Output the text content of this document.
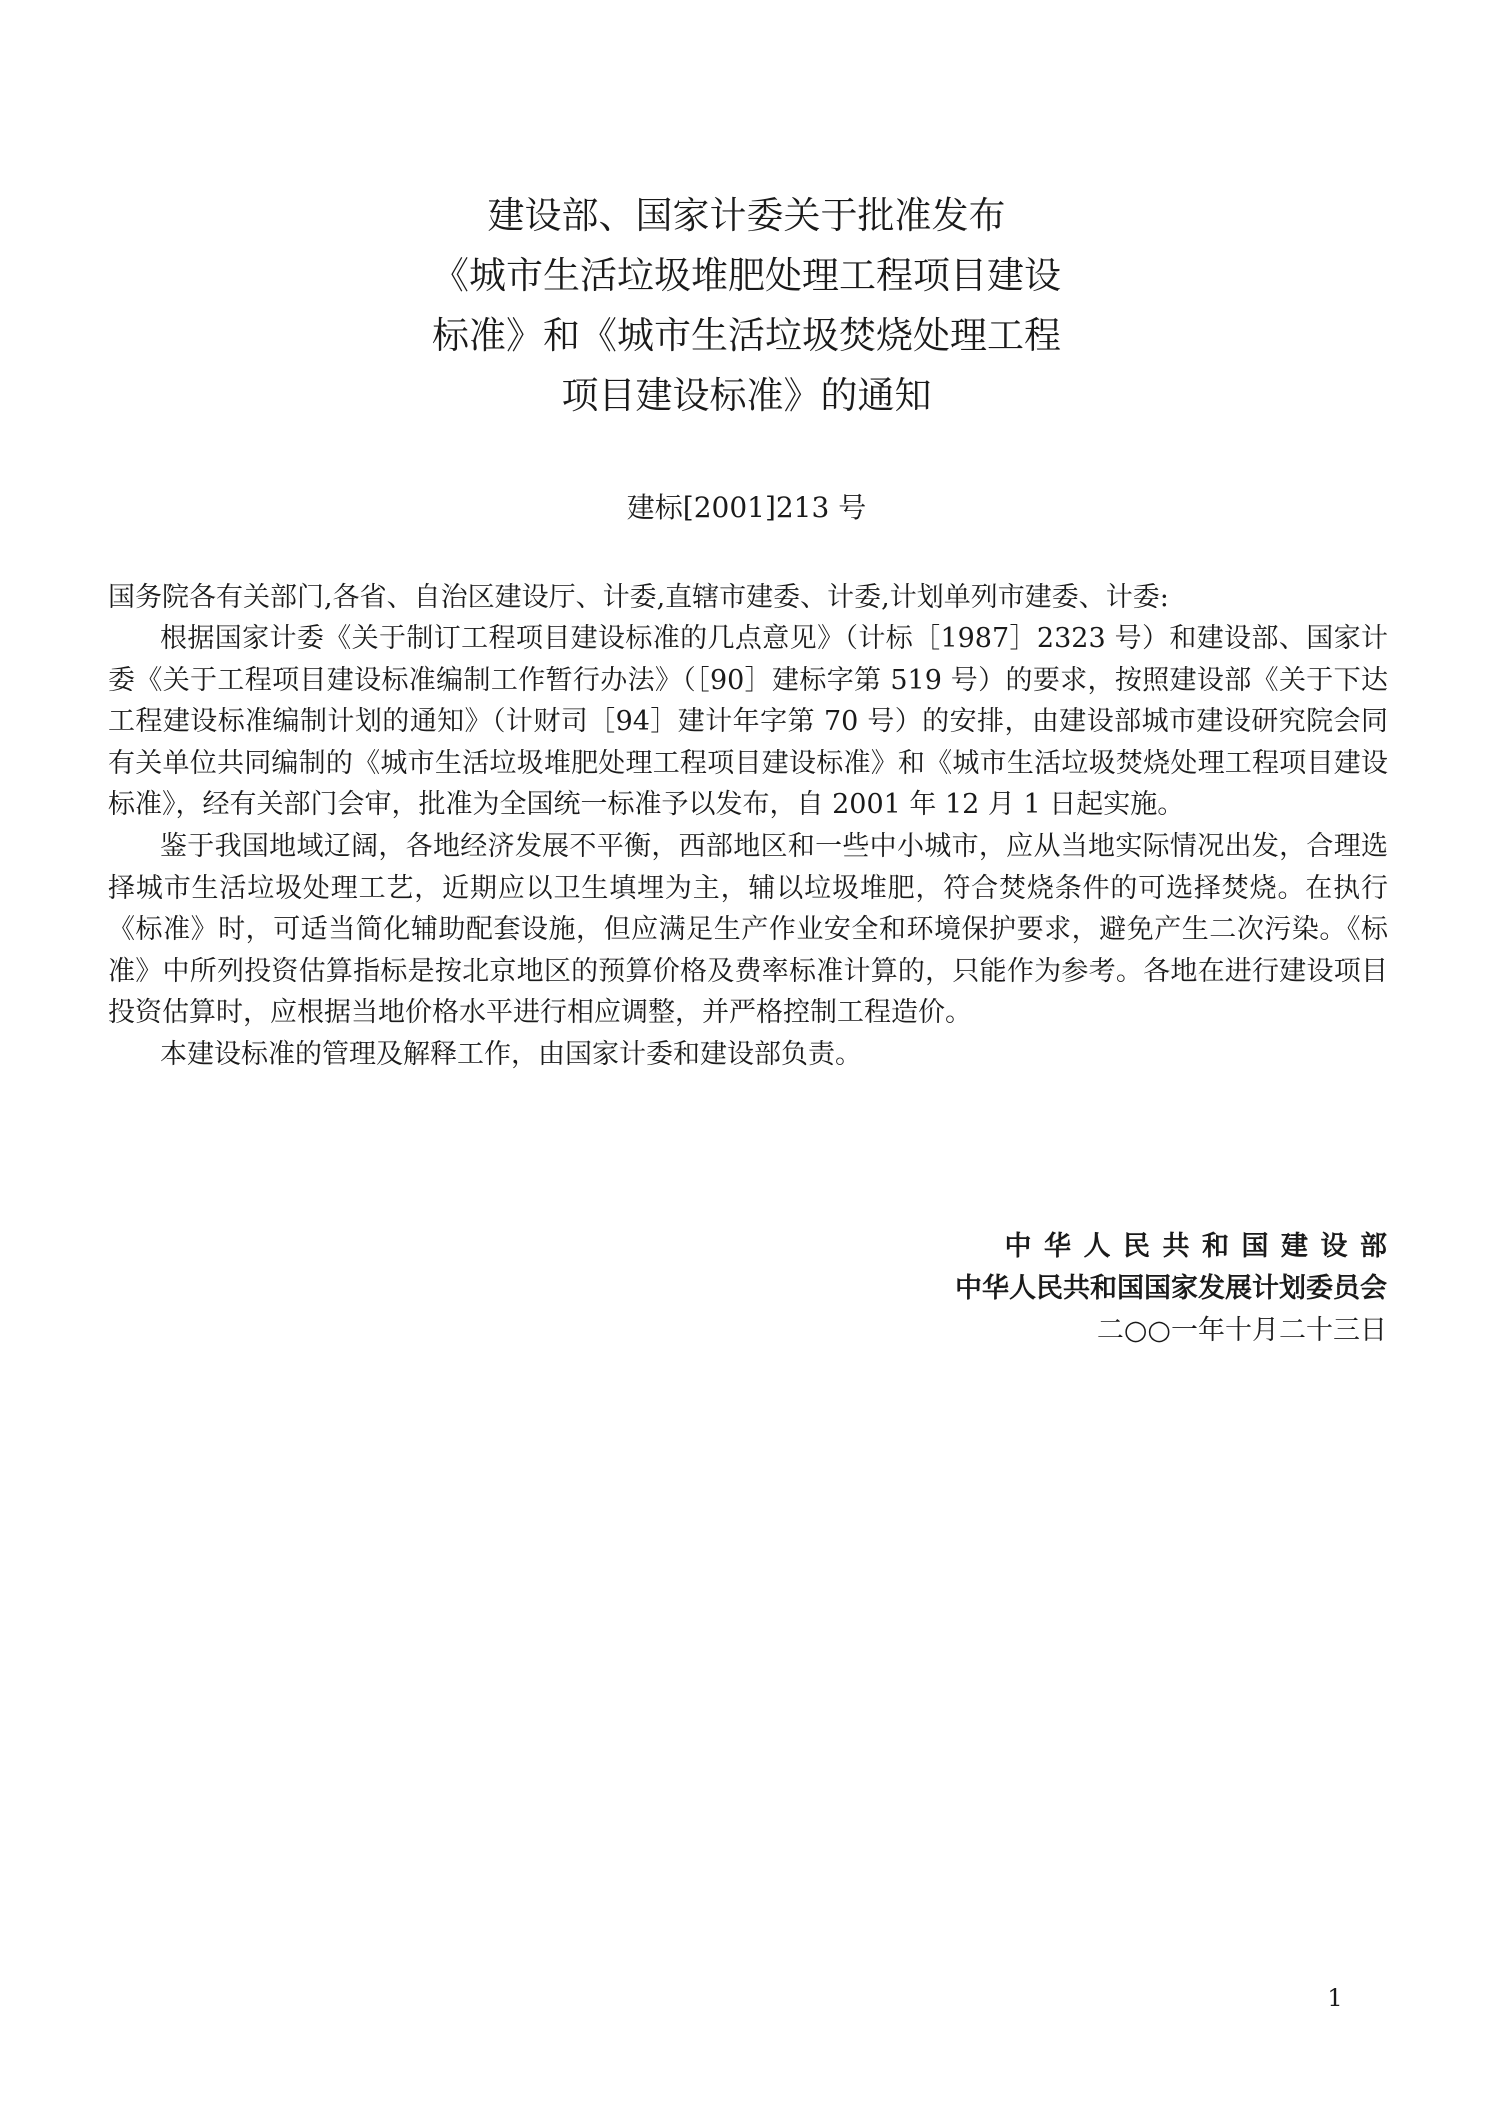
建设部、国家计委关于批准发布
《城市生活垃圾堆肥处理工程项目建设
标准》和《城市生活垃圾焚烧处理工程
项目建设标准》的通知
建标[2001]213 号
国务院各有关部门,各省、自治区建设厅、计委,直辖市建委、计委,计划单列市建委、计委:

根据国家计委《关于制订工程项目建设标准的几点意见》（计标［1987］2323 号）和建设部、国家计委《关于工程项目建设标准编制工作暂行办法》（［90］建标字第 519 号）的要求，按照建设部《关于下达工程建设标准编制计划的通知》（计财司［94］建计年字第 70 号）的安排，由建设部城市建设研究院会同有关单位共同编制的《城市生活垃圾堆肥处理工程项目建设标准》和《城市生活垃圾焚烧处理工程项目建设标准》，经有关部门会审，批准为全国统一标准予以发布，自 2001 年 12 月 1 日起实施。

鉴于我国地域辽阔，各地经济发展不平衡，西部地区和一些中小城市，应从当地实际情况出发，合理选择城市生活垃圾处理工艺，近期应以卫生填埋为主，辅以垃圾堆肥，符合焚烧条件的可选择焚烧。在执行《标准》时，可适当简化辅助配套设施，但应满足生产作业安全和环境保护要求，避免产生二次污染。《标准》中所列投资估算指标是按北京地区的预算价格及费率标准计算的，只能作为参考。各地在进行建设项目投资估算时，应根据当地价格水平进行相应调整，并严格控制工程造价。

本建设标准的管理及解释工作，由国家计委和建设部负责。

中华人民共和国建设部
中华人民共和国国家发展计划委员会
二○○一年十月二十三日
1
